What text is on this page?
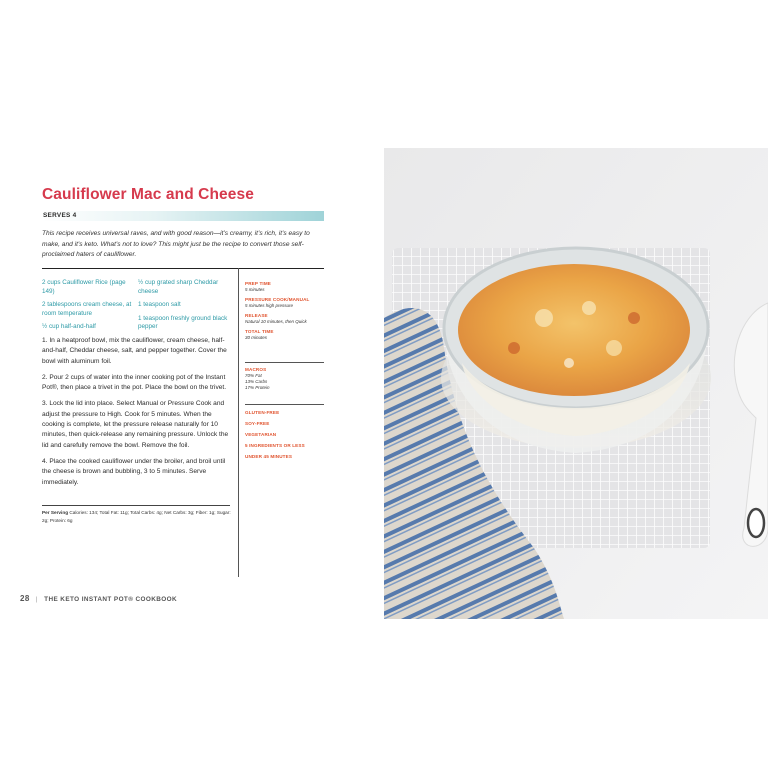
Cauliflower Mac and Cheese
SERVES 4

This recipe receives universal raves, and with good reason—it’s creamy, it’s rich, it’s easy to make, and it’s keto. What’s not to love? This might just be the recipe to convert those self-proclaimed haters of cauliflower.

2 cups Cauliflower Rice (page 149)
2 tablespoons cream cheese, at room temperature
½ cup half-and-half
½ cup grated sharp Cheddar cheese
1 teaspoon salt
1 teaspoon freshly ground black pepper

1. In a heatproof bowl, mix the cauliflower, cream cheese, half-and-half, Cheddar cheese, salt, and pepper together. Cover the bowl with aluminum foil.

2. Pour 2 cups of water into the inner cooking pot of the Instant Pot®, then place a trivet in the pot. Place the bowl on the trivet.

3. Lock the lid into place. Select Manual or Pressure Cook and adjust the pressure to High. Cook for 5 minutes. When the cooking is complete, let the pressure release naturally for 10 minutes, then quick-release any remaining pressure. Unlock the lid and carefully remove the bowl. Remove the foil.

4. Place the cooked cauliflower under the broiler, and broil until the cheese is brown and bubbling, 3 to 5 minutes. Serve immediately.

Per Serving Calories: 134; Total Fat: 11g; Total Carbs: 4g; Net Carbs: 3g; Fiber: 1g; Sugar: 2g; Protein: 6g
PREP TIME
5 minutes
PRESSURE COOK/MANUAL
5 minutes high pressure
RELEASE
Natural 10 minutes, then Quick
TOTAL TIME
30 minutes
MACROS
70% Fat
13% Carbs
17% Protein
GLUTEN-FREE
SOY-FREE
VEGETARIAN
5 INGREDIENTS OR LESS
UNDER 45 MINUTES
28 | THE KETO INSTANT POT® COOKBOOK
